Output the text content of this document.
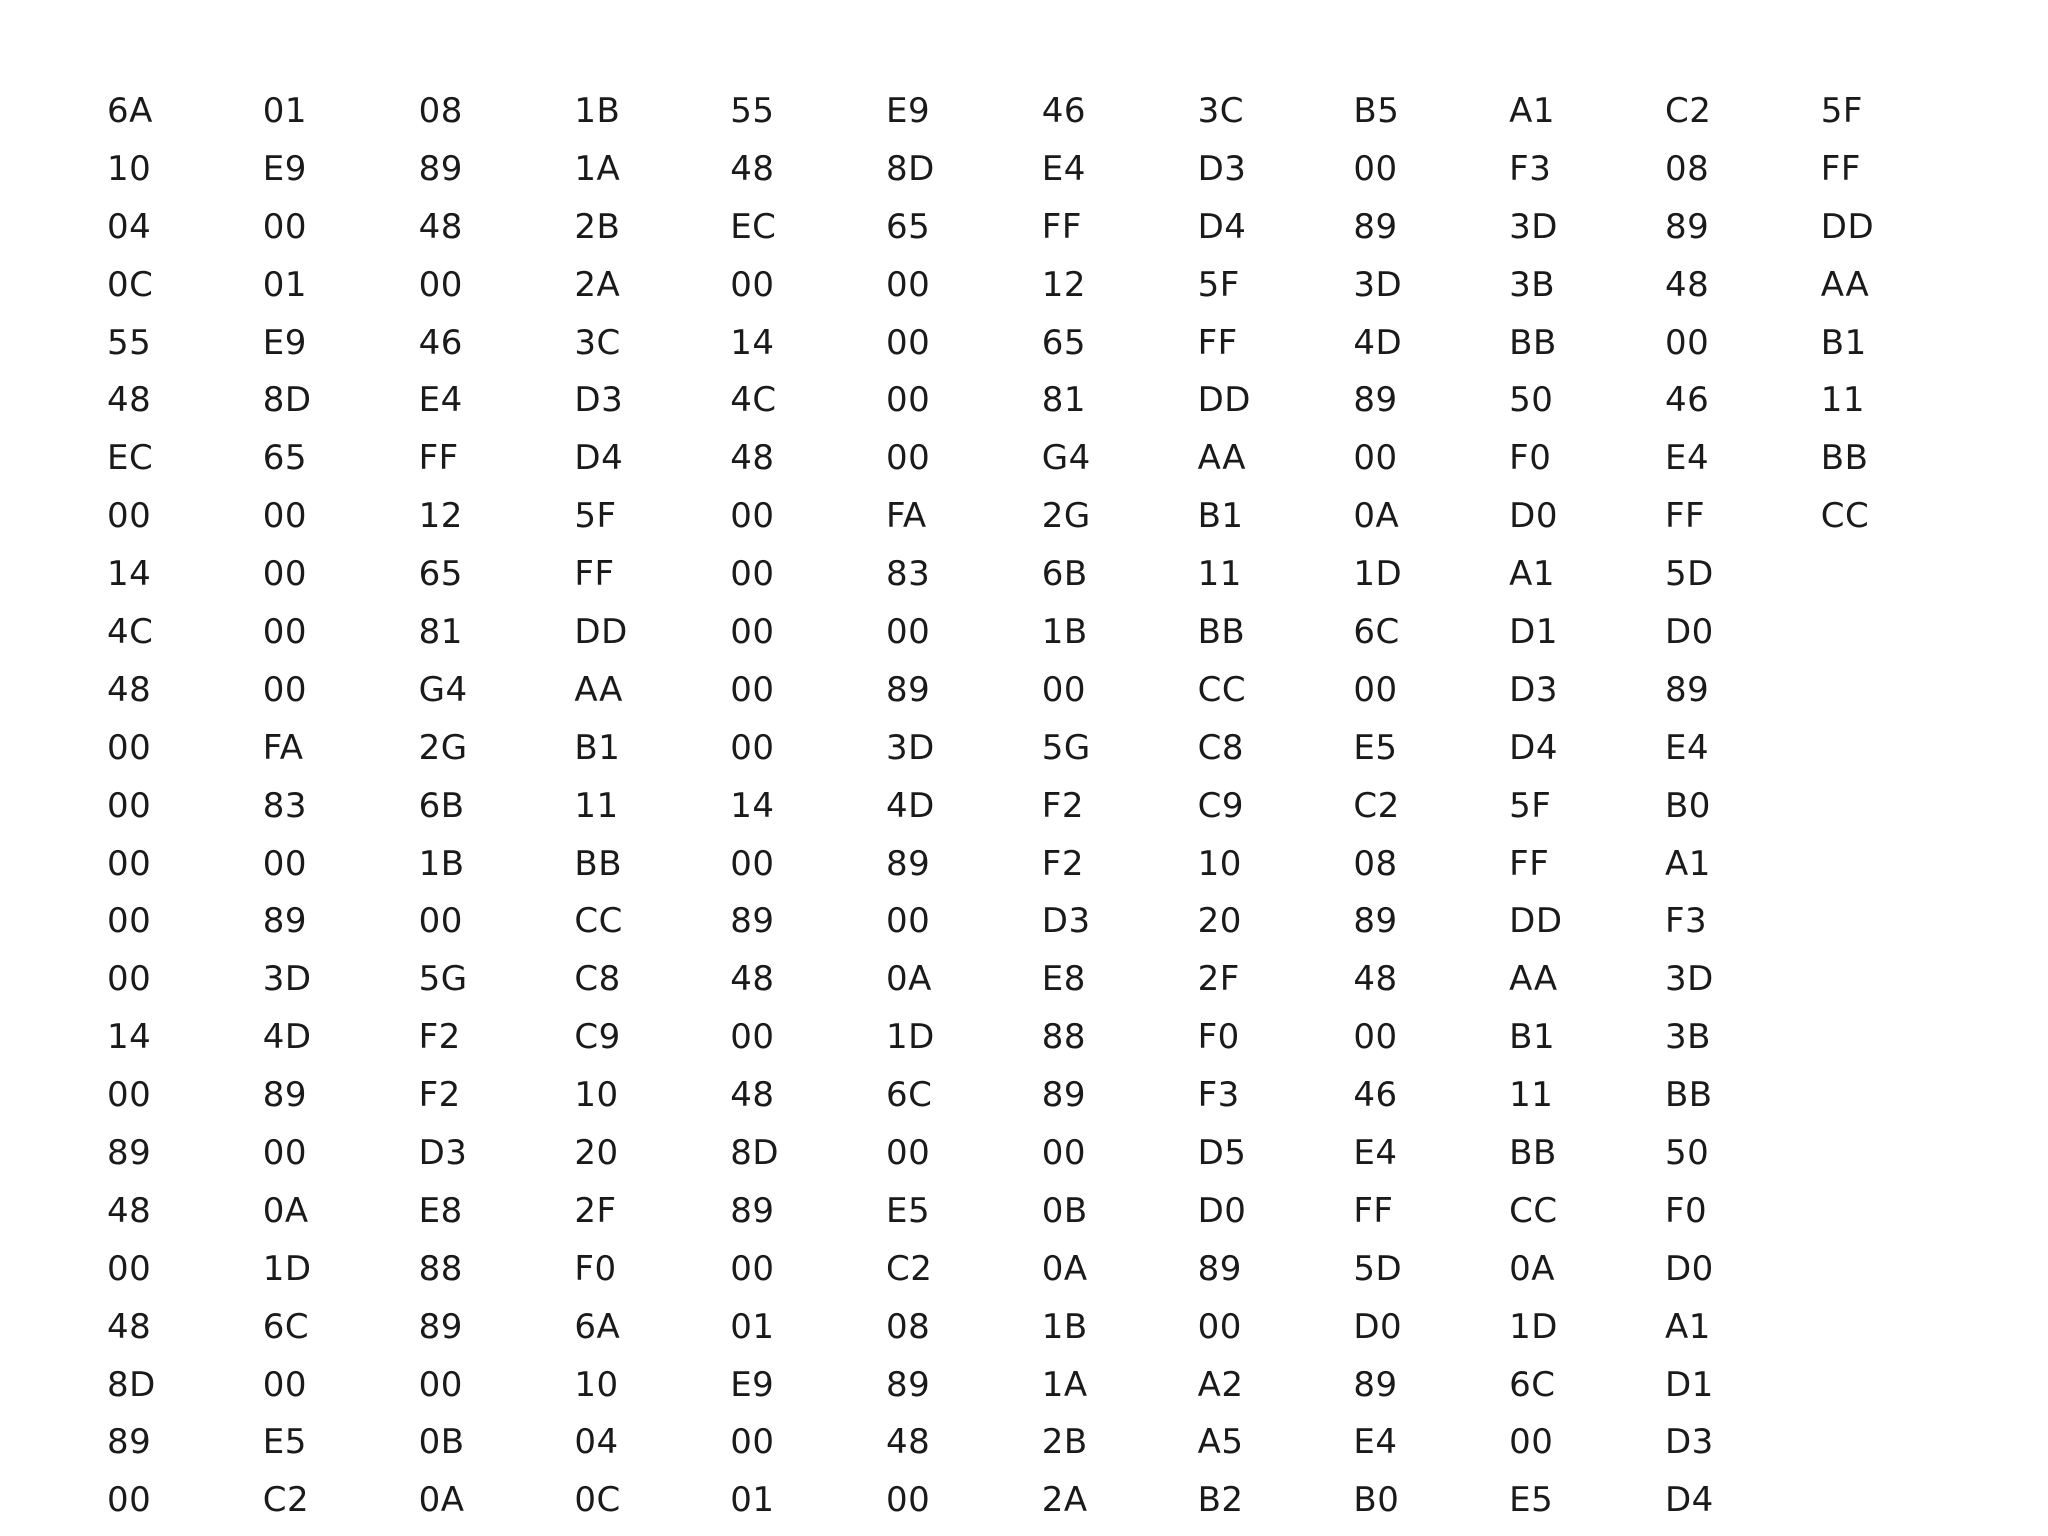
6A	01	08	1B	55	E9	46	3C	B5	A1	C2	5F
10	E9	89	1A	48	8D	E4	D3	00	F3	08	FF
04	00	48	2B	EC	65	FF	D4	89	3D	89	DD
0C	01	00	2A	00	00	12	5F	3D	3B	48	AA
55	E9	46	3C	14	00	65	FF	4D	BB	00	B1
48	8D	E4	D3	4C	00	81	DD	89	50	46	11
EC	65	FF	D4	48	00	G4	AA	00	F0	E4	BB
00	00	12	5F	00	FA	2G	B1	0A	D0	FF	CC
14	00	65	FF	00	83	6B	11	1D	A1	5D
4C	00	81	DD	00	00	1B	BB	6C	D1	D0
48	00	G4	AA	00	89	00	CC	00	D3	89
00	FA	2G	B1	00	3D	5G	C8	E5	D4	E4
00	83	6B	11	14	4D	F2	C9	C2	5F	B0
00	00	1B	BB	00	89	F2	10	08	FF	A1
00	89	00	CC	89	00	D3	20	89	DD	F3
00	3D	5G	C8	48	0A	E8	2F	48	AA	3D
14	4D	F2	C9	00	1D	88	F0	00	B1	3B
00	89	F2	10	48	6C	89	F3	46	11	BB
89	00	D3	20	8D	00	00	D5	E4	BB	50
48	0A	E8	2F	89	E5	0B	D0	FF	CC	F0
00	1D	88	F0	00	C2	0A	89	5D	0A	D0
48	6C	89	6A	01	08	1B	00	D0	1D	A1
8D	00	00	10	E9	89	1A	A2	89	6C	D1
89	E5	0B	04	00	48	2B	A5	E4	00	D3
00	C2	0A	0C	01	00	2A	B2	B0	E5	D4
